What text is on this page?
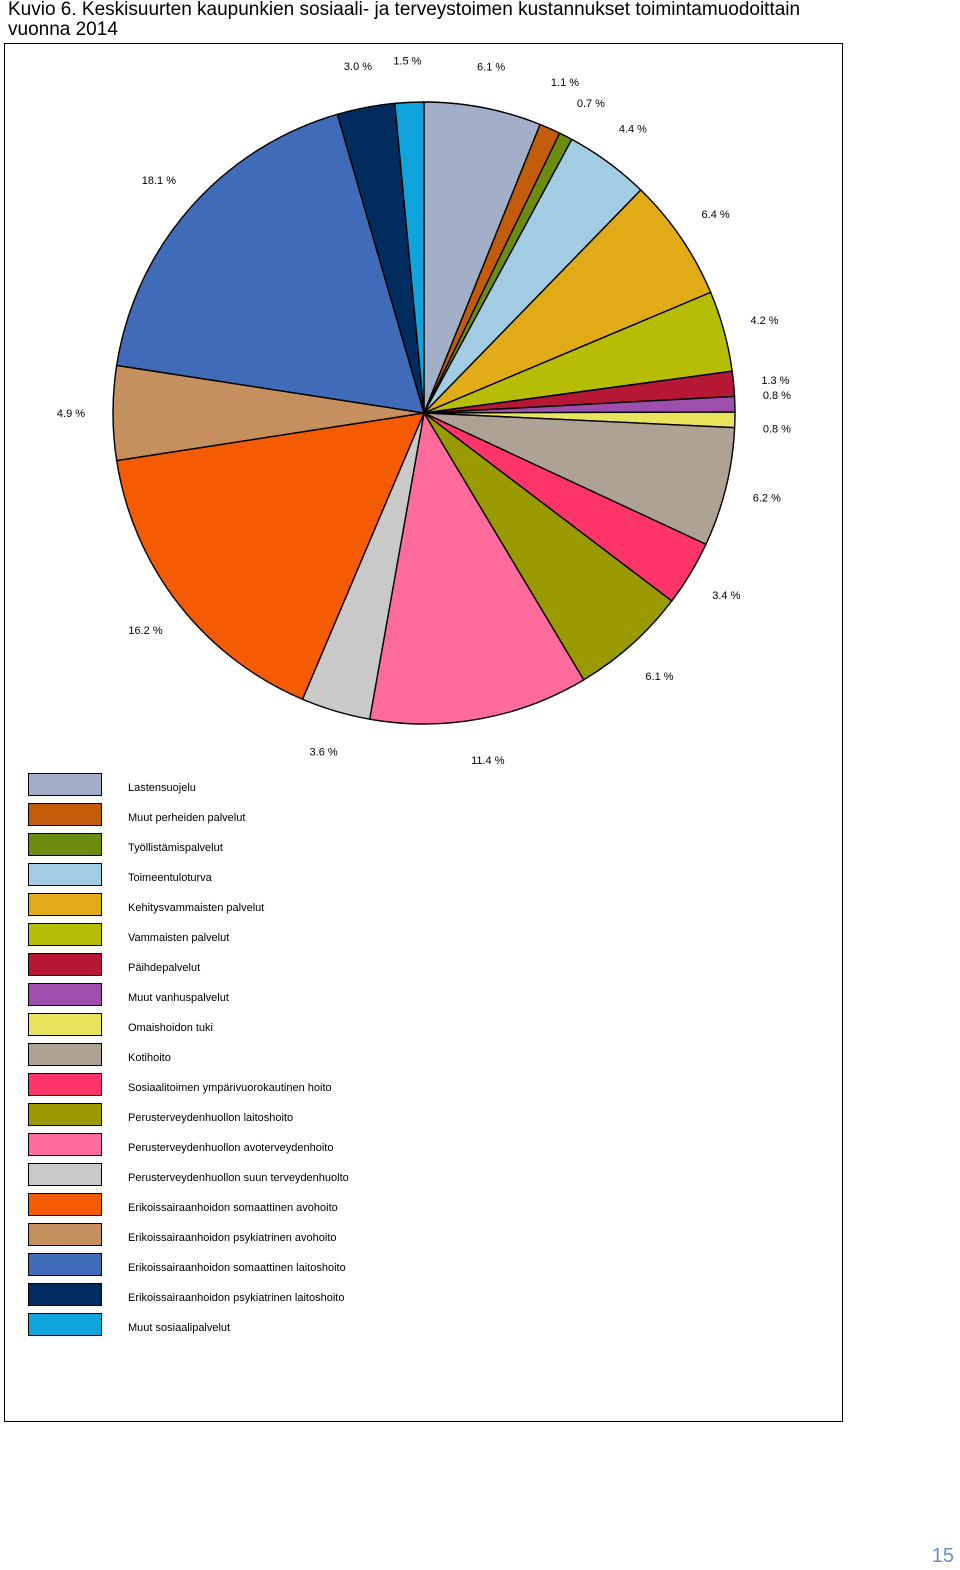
Kuvio 6. Keskisuurten kaupunkien sosiaali- ja terveystoimen kustannukset toimintamuodoittain
vuonna 2014
6.1 %
1.1 %
0.7 %
4.4 %
6.4 %
4.2 %
1.3 %
0.8 %
0.8 %
6.2 %
3.4 %
6.1 %
11.4 %
3.6 %
16.2 %
4.9 %
18.1 %
3.0 % 1.5 %
Lastensuojelu
Muut perheiden palvelut
Työllistämispalvelut
Toimeentuloturva
Kehitysvammaisten palvelut
Vammaisten palvelut
Päihdepalvelut
Muut vanhuspalvelut
Omaishoidon tuki
Kotihoito
Sosiaalitoimen ympärivuorokautinen hoito
Perusterveydenhuollon laitoshoito
Perusterveydenhuollon avoterveydenhoito
Perusterveydenhuollon suun terveydenhuolto
Erikoissairaanhoidon somaattinen avohoito
Erikoissairaanhoidon psykiatrinen avohoito
Erikoissairaanhoidon somaattinen laitoshoito
Erikoissairaanhoidon psykiatrinen laitoshoito
Muut sosiaalipalvelut
15
